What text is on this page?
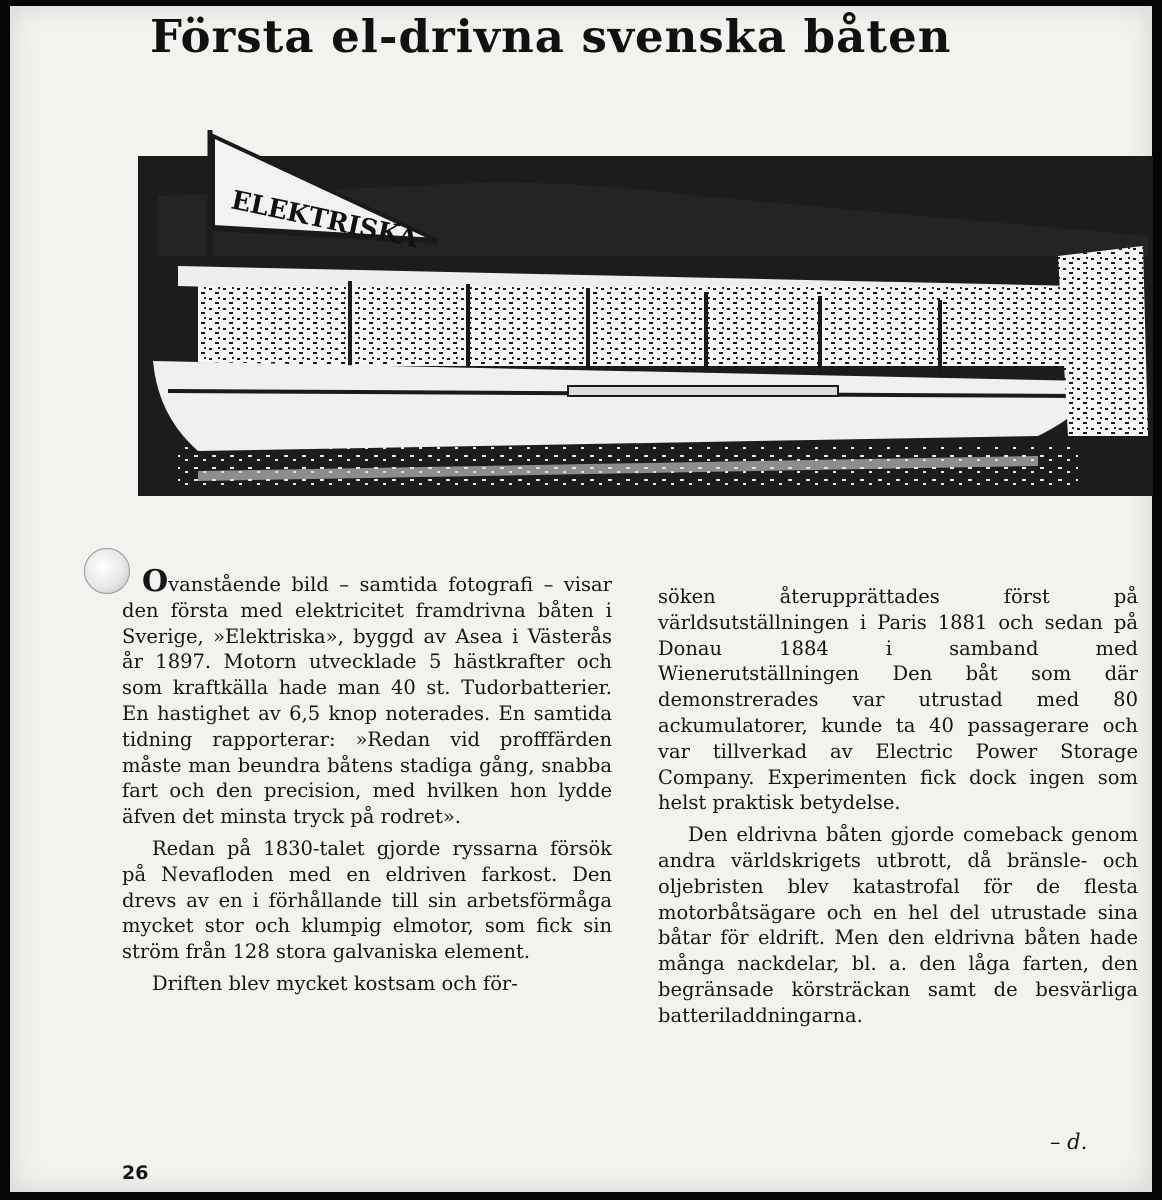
Första el-drivna svenska båten
ELEKTRISKA

Ovanstående bild – samtida fotografi – visar den första med elektricitet framdrivna båten i Sverige, »Elektriska», byggd av Asea i Västerås år 1897. Motorn utvecklade 5 hästkrafter och som kraftkälla hade man 40 st. Tudorbatterier. En hastighet av 6,5 knop noterades. En samtida tidning rapporterar: »Redan vid profffärden måste man beundra båtens stadiga gång, snabba fart och den precision, med hvilken hon lydde äfven det minsta tryck på rodret».

Redan på 1830-talet gjorde ryssarna försök på Nevafloden med en eldriven farkost. Den drevs av en i förhållande till sin arbetsförmåga mycket stor och klumpig elmotor, som fick sin ström från 128 stora galvaniska element.

Driften blev mycket kostsam och för-

söken återupprättades först på världsutställningen i Paris 1881 och sedan på Donau 1884 i samband med Wienerutställningen Den båt som där demonstrerades var utrustad med 80 ackumulatorer, kunde ta 40 passagerare och var tillverkad av Electric Power Storage Company. Experimenten fick dock ingen som helst praktisk betydelse.

Den eldrivna båten gjorde comeback genom andra världskrigets utbrott, då bränsle- och oljebristen blev katastrofal för de flesta motorbåtsägare och en hel del utrustade sina båtar för eldrift. Men den eldrivna båten hade många nackdelar, bl. a. den låga farten, den begränsade körsträckan samt de besvärliga batteriladdningarna.

– d.
26
